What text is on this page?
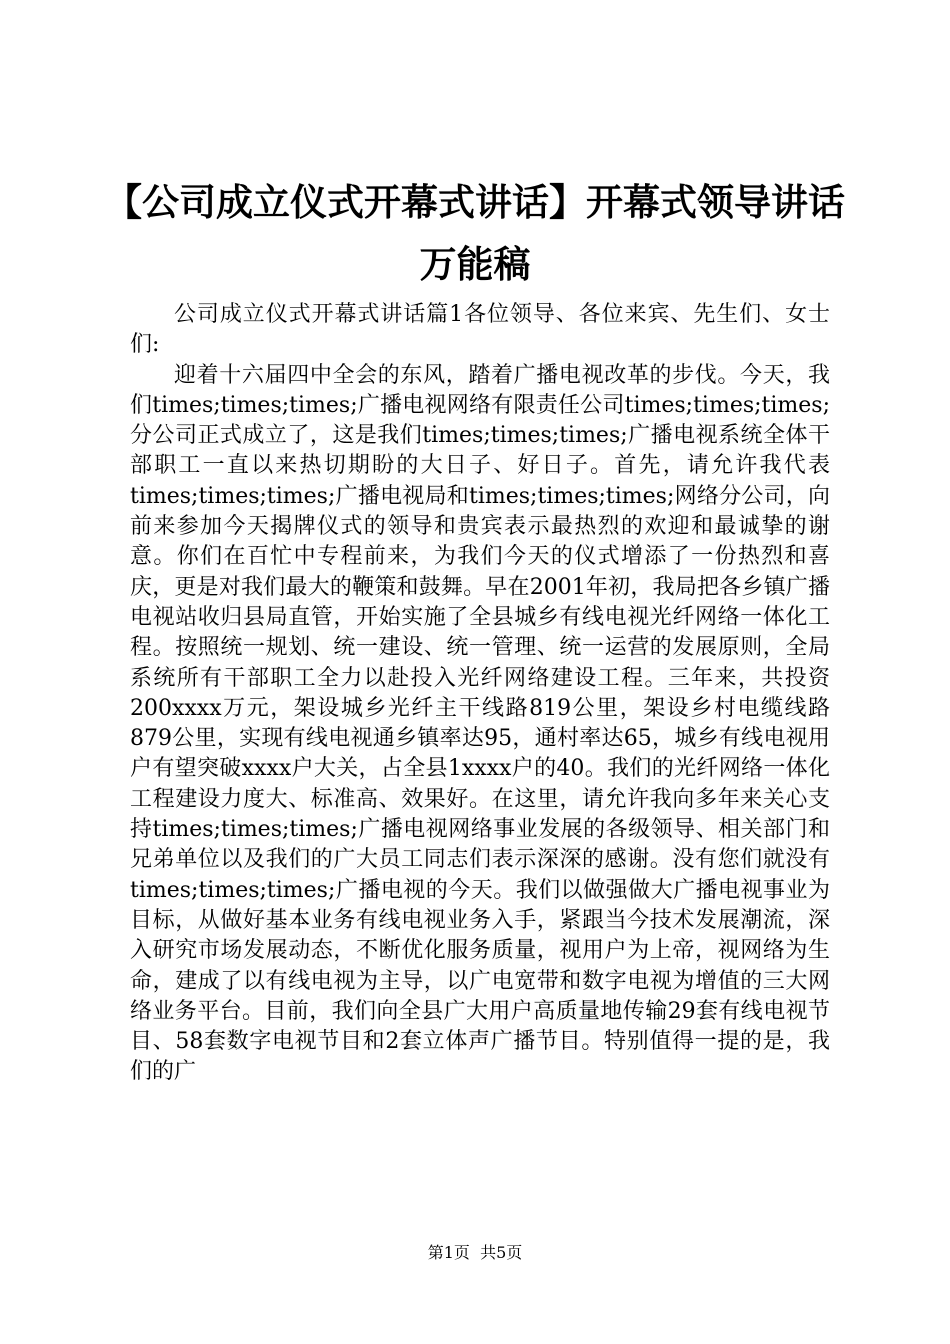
【公司成立仪式开幕式讲话】开幕式领导讲话
万能稿

公司成立仪式开幕式讲话篇1各位领导、各位来宾、先生们、女士们:

迎着十六届四中全会的东风，踏着广播电视改革的步伐。今天，我们times;times;times;广播电视网络有限责任公司times;times;times;分公司正式成立了，这是我们times;times;times;广播电视系统全体干部职工一直以来热切期盼的大日子、好日子。首先，请允许我代表times;times;times;广播电视局和times;times;times;网络分公司，向前来参加今天揭牌仪式的领导和贵宾表示最热烈的欢迎和最诚挚的谢意。你们在百忙中专程前来，为我们今天的仪式增添了一份热烈和喜庆，更是对我们最大的鞭策和鼓舞。早在2001年初，我局把各乡镇广播电视站收归县局直管，开始实施了全县城乡有线电视光纤网络一体化工程。按照统一规划、统一建设、统一管理、统一运营的发展原则，全局系统所有干部职工全力以赴投入光纤网络建设工程。三年来，共投资200xxxx万元，架设城乡光纤主干线路819公里，架设乡村电缆线路879公里，实现有线电视通乡镇率达95，通村率达65，城乡有线电视用户有望突破xxxx户大关，占全县1xxxx户的40。我们的光纤网络一体化工程建设力度大、标准高、效果好。在这里，请允许我向多年来关心支持times;times;times;广播电视网络事业发展的各级领导、相关部门和兄弟单位以及我们的广大员工同志们表示深深的感谢。没有您们就没有times;times;times;广播电视的今天。我们以做强做大广播电视事业为目标，从做好基本业务有线电视业务入手，紧跟当今技术发展潮流，深入研究市场发展动态，不断优化服务质量，视用户为上帝，视网络为生命，建成了以有线电视为主导，以广电宽带和数字电视为增值的三大网络业务平台。目前，我们向全县广大用户高质量地传输29套有线电视节目、58套数字电视节目和2套立体声广播节目。特别值得一提的是，我们的广

第1页  共5页
